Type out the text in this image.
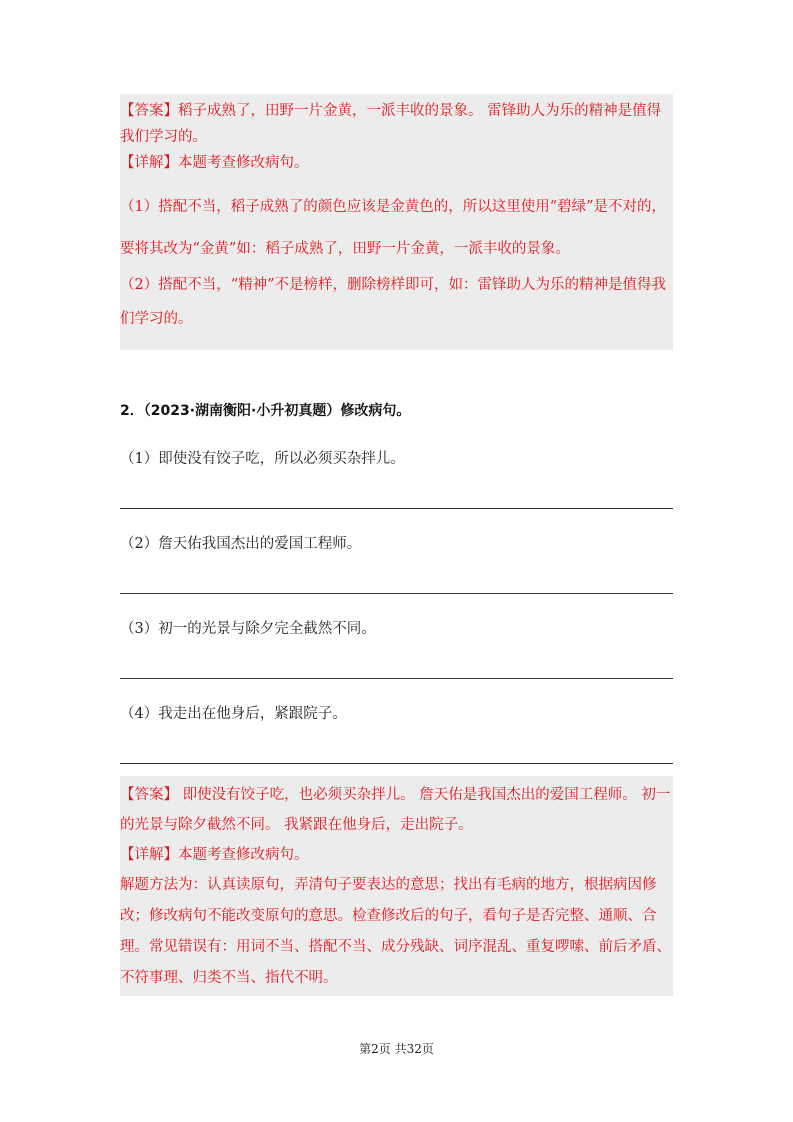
【答案】稻子成熟了，田野一片金黄，一派丰收的景象。 雷锋助人为乐的精神是值得我们学习的。

【详解】本题考查修改病句。

（1）搭配不当，稻子成熟了的颜色应该是金黄色的，所以这里使用“碧绿”是不对的，要将其改为“金黄”如：稻子成熟了，田野一片金黄，一派丰收的景象。

（2）搭配不当，“精神”不是榜样，删除榜样即可，如：雷锋助人为乐的精神是值得我们学习的。

2．（2023·湖南衡阳·小升初真题）修改病句。
（1）即使没有饺子吃，所以必须买杂拌儿。
（2）詹天佑我国杰出的爱国工程师。
（3）初一的光景与除夕完全截然不同。
（4）我走出在他身后，紧跟院子。

【答案】 即使没有饺子吃，也必须买杂拌儿。 詹天佑是我国杰出的爱国工程师。 初一的光景与除夕截然不同。 我紧跟在他身后，走出院子。

【详解】本题考查修改病句。

解题方法为：认真读原句，弄清句子要表达的意思；找出有毛病的地方，根据病因修改；修改病句不能改变原句的意思。检查修改后的句子，看句子是否完整、通顺、合理。常见错误有：用词不当、搭配不当、成分残缺、词序混乱、重复啰嗦、前后矛盾、不符事理、归类不当、指代不明。

第2页 共32页
